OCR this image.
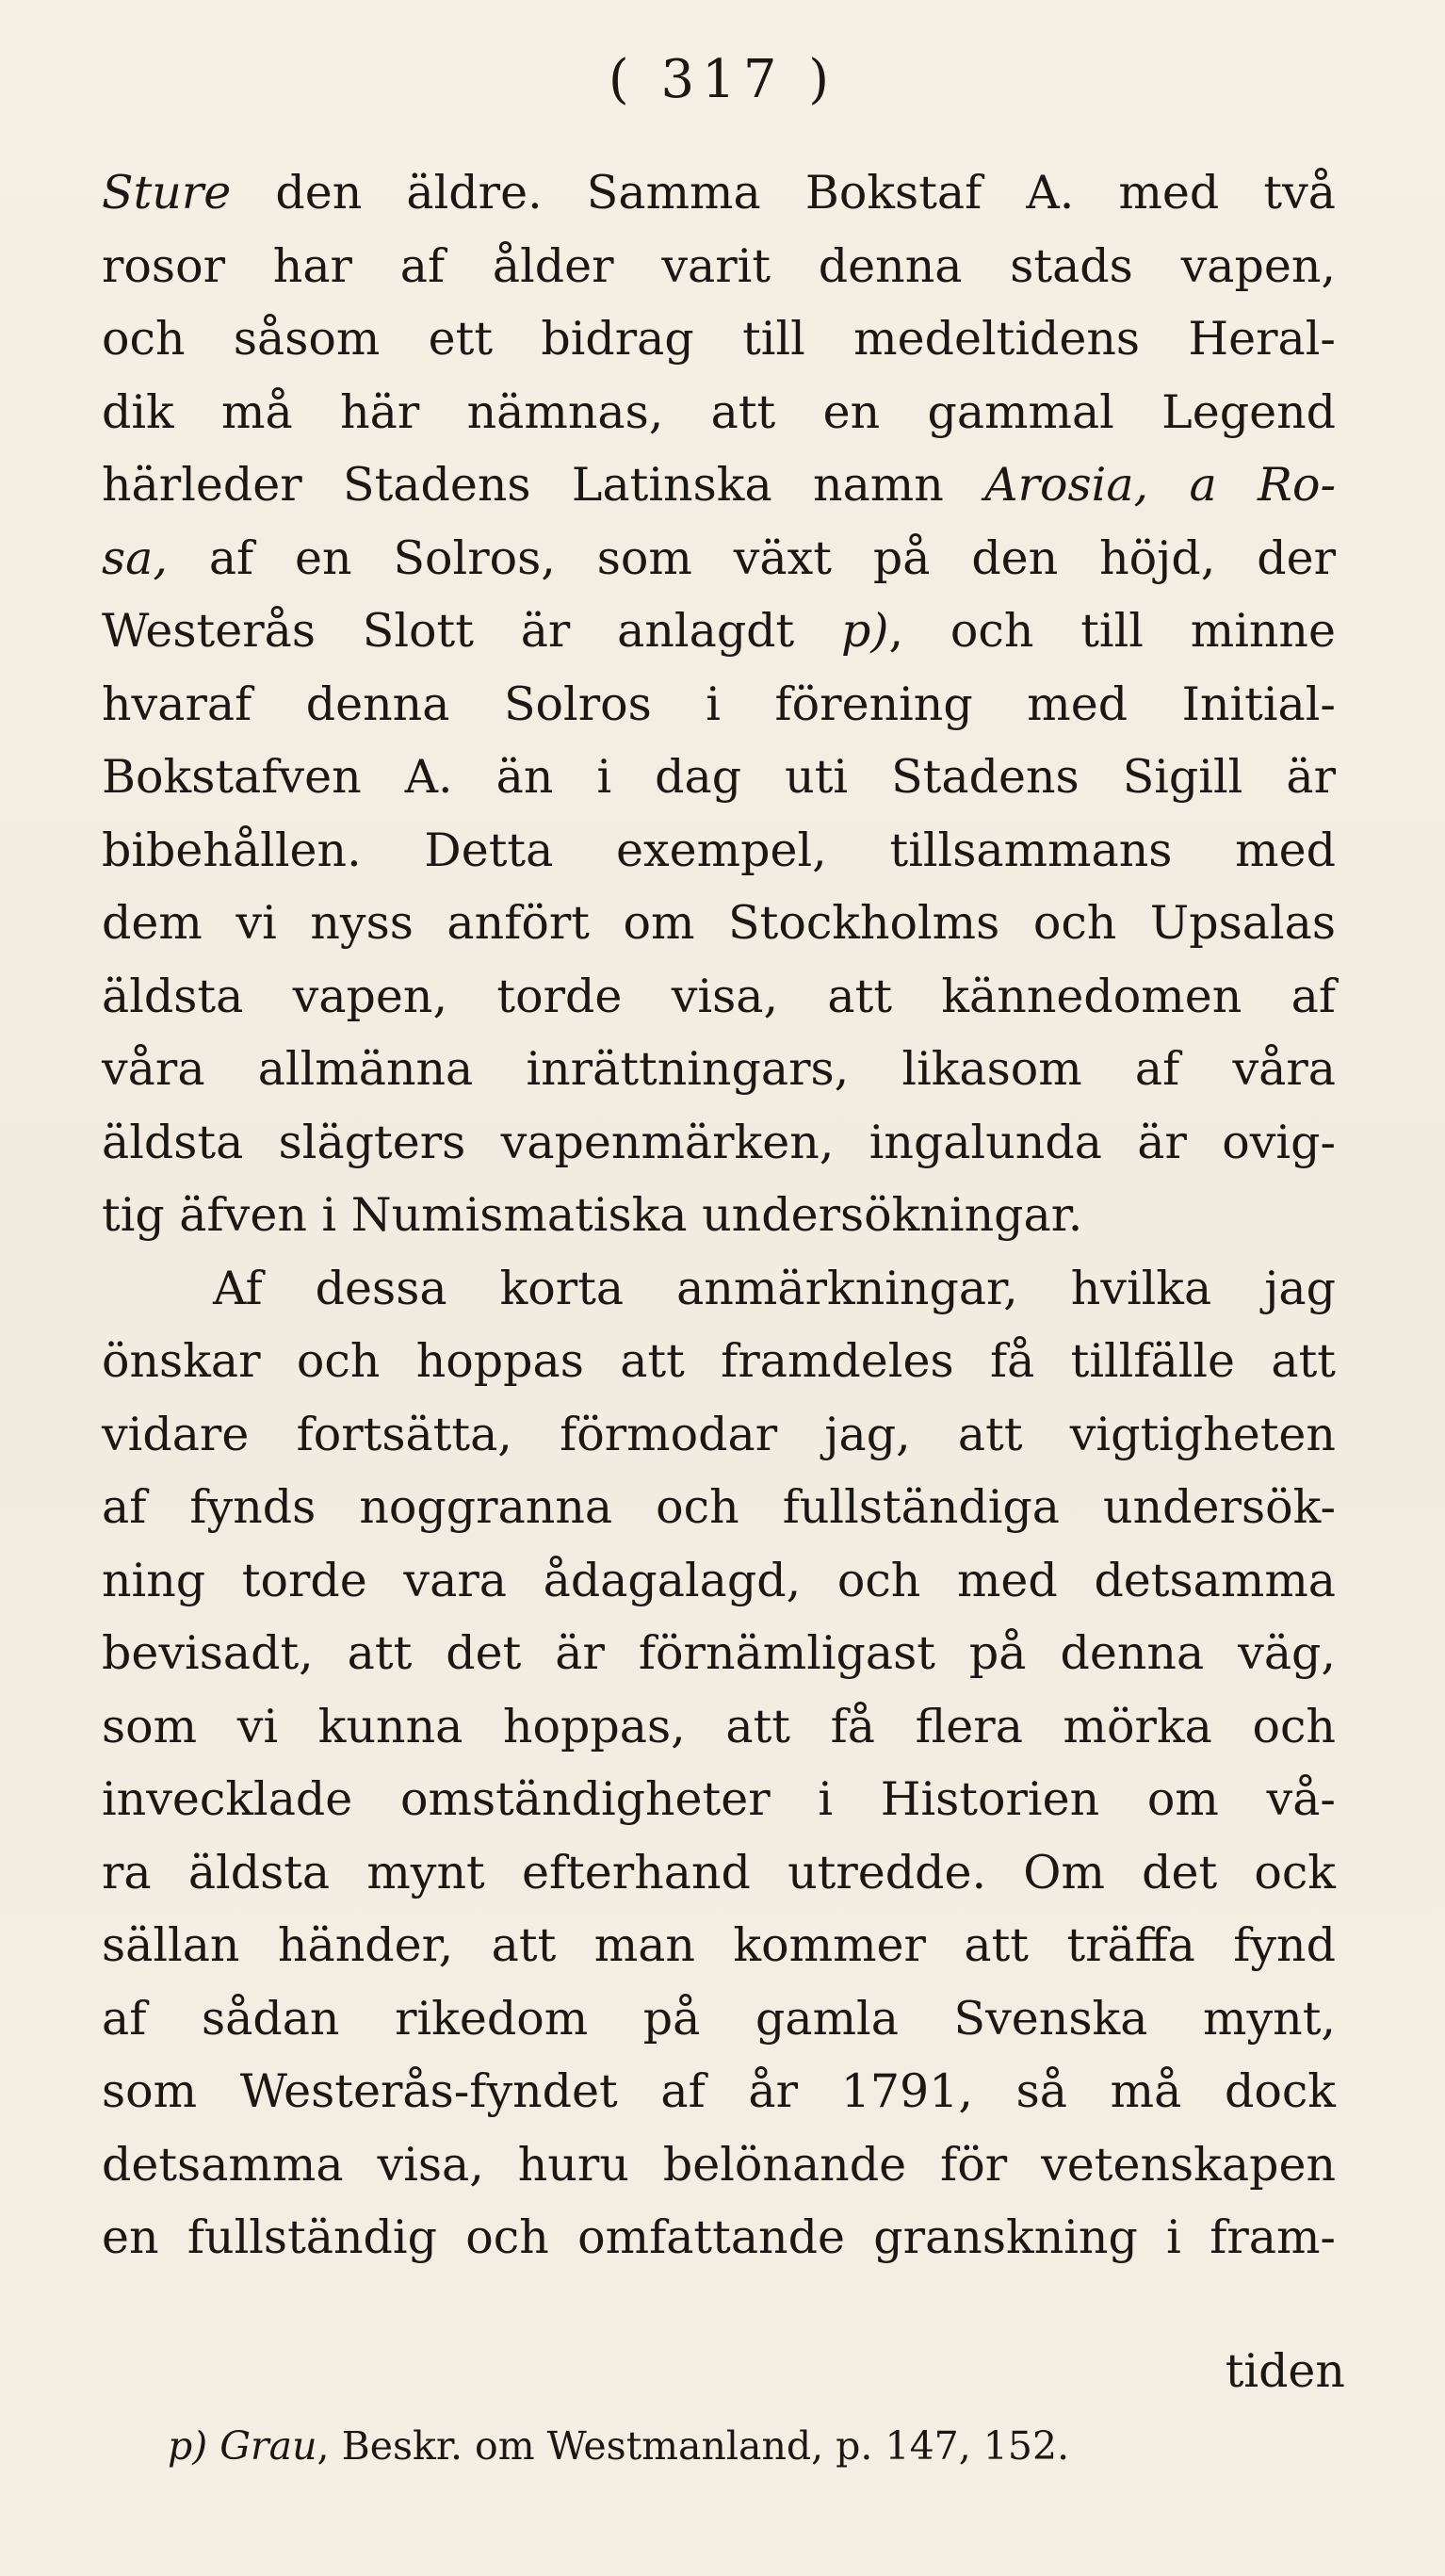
( 317 )
Sture den äldre. Samma Bokstaf A. med två
rosor har af ålder varit denna stads vapen,
och såsom ett bidrag till medeltidens Heral-
dik må här nämnas, att en gammal Legend
härleder Stadens Latinska namn Arosia, a Ro-
sa, af en Solros, som växt på den höjd, der
Westerås Slott är anlagdt p), och till minne
hvaraf denna Solros i förening med Initial-
Bokstafven A. än i dag uti Stadens Sigill är
bibehållen. Detta exempel, tillsammans med
dem vi nyss anfört om Stockholms och Upsalas
äldsta vapen, torde visa, att kännedomen af
våra allmänna inrättningars, likasom af våra
äldsta slägters vapenmärken, ingalunda är ovig-
tig äfven i Numismatiska undersökningar.
Af dessa korta anmärkningar, hvilka jag
önskar och hoppas att framdeles få tillfälle att
vidare fortsätta, förmodar jag, att vigtigheten
af fynds noggranna och fullständiga undersök-
ning torde vara ådagalagd, och med detsamma
bevisadt, att det är förnämligast på denna väg,
som vi kunna hoppas, att få flera mörka och
invecklade omständigheter i Historien om vå-
ra äldsta mynt efterhand utredde. Om det ock
sällan händer, att man kommer att träffa fynd
af sådan rikedom på gamla Svenska mynt,
som Westerås-fyndet af år 1791, så må dock
detsamma visa, huru belönande för vetenskapen
en fullständig och omfattande granskning i fram-
tiden
p) Grau, Beskr. om Westmanland, p. 147, 152.
